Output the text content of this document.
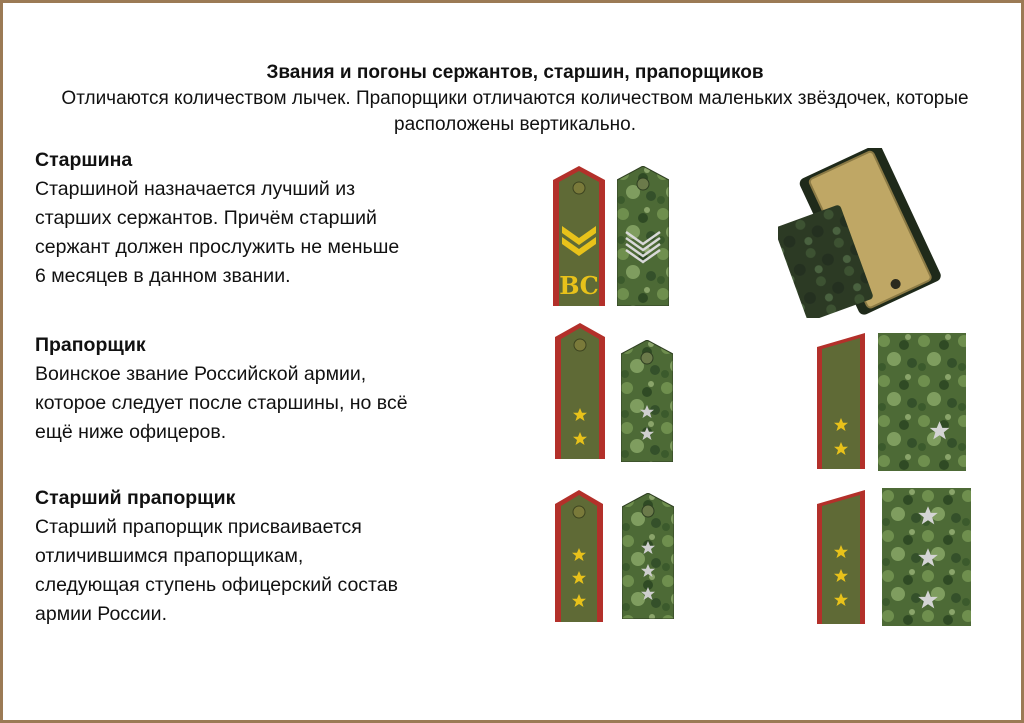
Звания и погоны сержантов, старшин, прапорщиков
Отличаются количеством лычек. Прапорщики отличаются количеством маленьких звёздочек, которые расположены вертикально.
Старшина
Старшиной назначается лучший из
старших сержантов. Причём старший
сержант должен прослужить не меньше
6 месяцев в данном звании.
Прапорщик
Воинское звание Российской армии,
которое следует после старшины, но всё
ещё ниже офицеров.
Старший прапорщик
Старший прапорщик присваивается
отличившимся прапорщикам,
следующая ступень офицерский состав
армии России.
ВС
